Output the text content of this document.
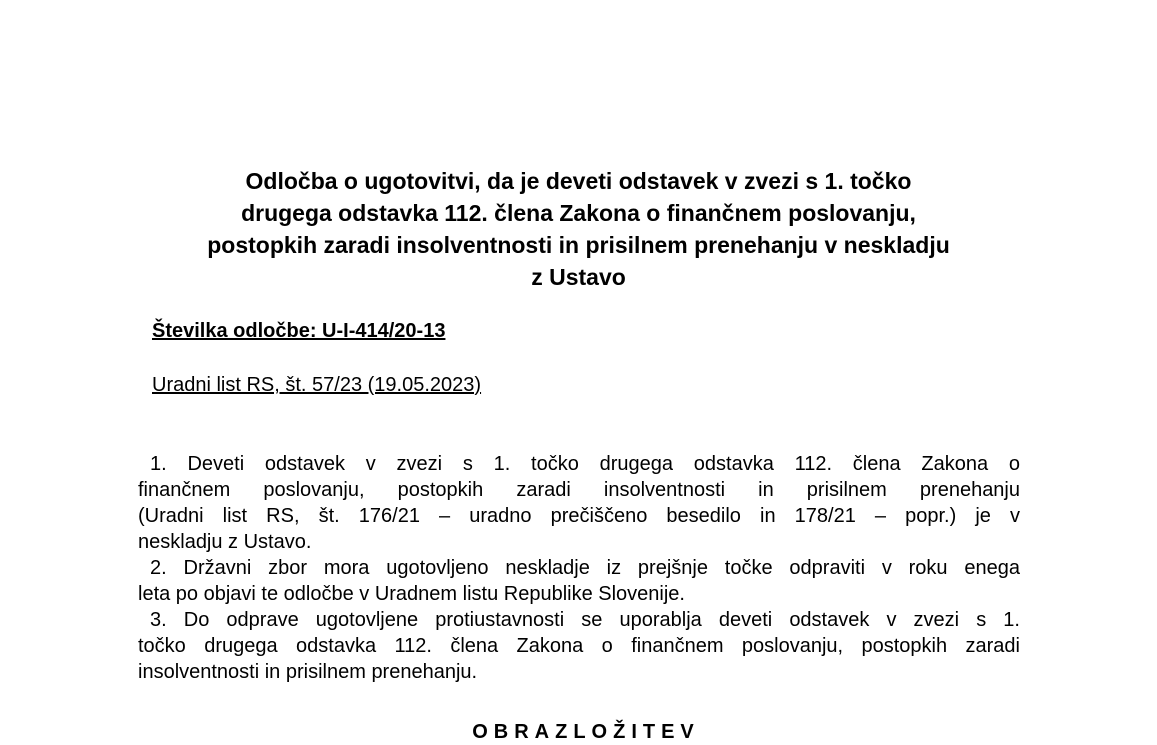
Odločba o ugotovitvi, da je deveti odstavek v zvezi s 1. točko
drugega odstavka 112. člena Zakona o finančnem poslovanju,
postopkih zaradi insolventnosti in prisilnem prenehanju v neskladju
z Ustavo
Številka odločbe: U-I-414/20-13
Uradni list RS, št. 57/23 (19.05.2023)
1. Deveti odstavek v zvezi s 1. točko drugega odstavka 112. člena Zakona o
finančnem poslovanju, postopkih zaradi insolventnosti in prisilnem prenehanju
(Uradni list RS, št. 176/21 – uradno prečiščeno besedilo in 178/21 – popr.) je v
neskladju z Ustavo.
2. Državni zbor mora ugotovljeno neskladje iz prejšnje točke odpraviti v roku enega
leta po objavi te odločbe v Uradnem listu Republike Slovenije.
3. Do odprave ugotovljene protiustavnosti se uporablja deveti odstavek v zvezi s 1.
točko drugega odstavka 112. člena Zakona o finančnem poslovanju, postopkih zaradi
insolventnosti in prisilnem prenehanju.
OBRAZLOŽITEV
